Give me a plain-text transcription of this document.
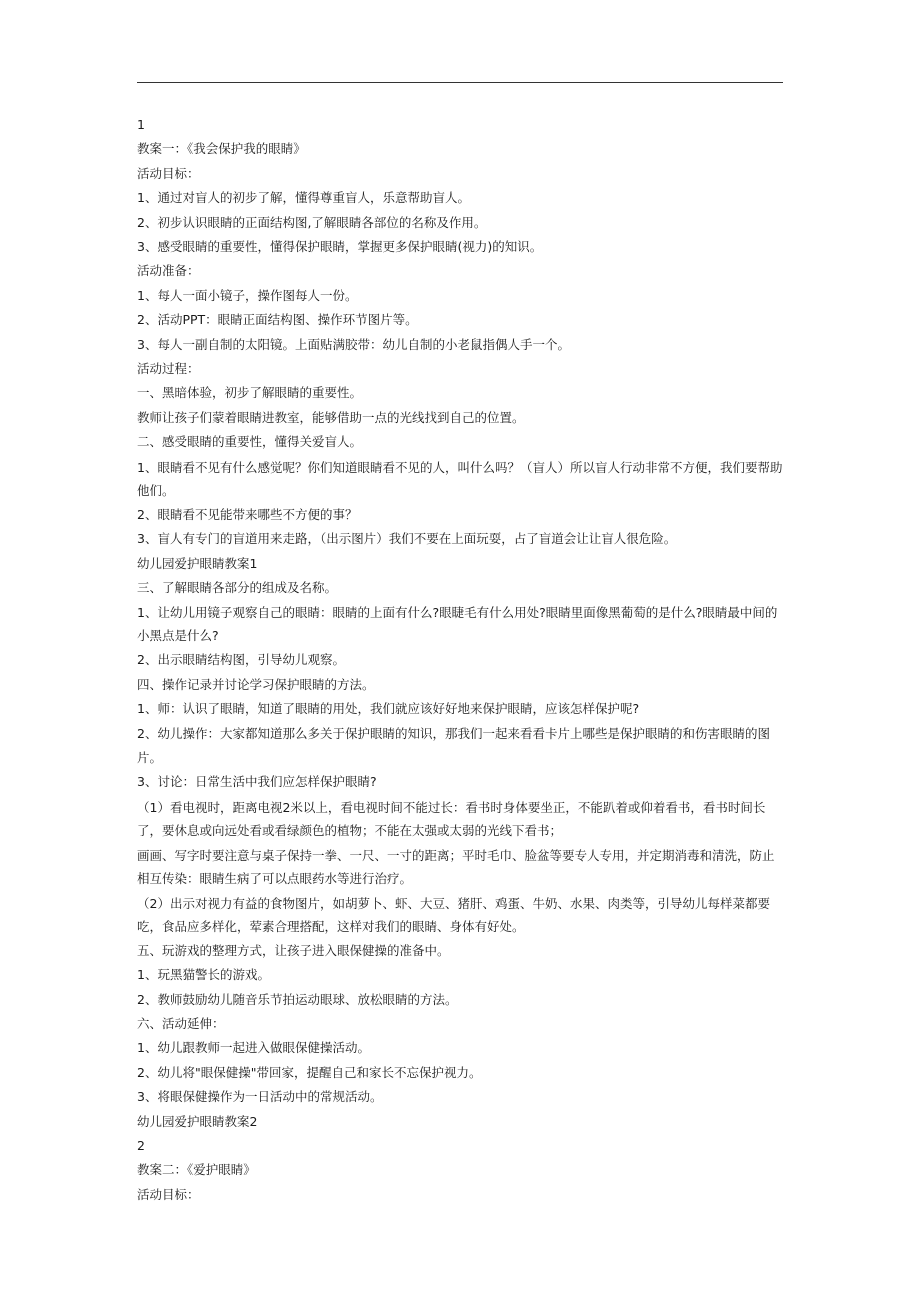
1

教案一：《我会保护我的眼睛》

活动目标：

1、通过对盲人的初步了解，懂得尊重盲人，乐意帮助盲人。

2、初步认识眼睛的正面结构图,了解眼睛各部位的名称及作用。

3、感受眼睛的重要性，懂得保护眼睛，掌握更多保护眼睛(视力)的知识。

活动准备：

1、每人一面小镜子，操作图每人一份。

2、活动PPT：眼睛正面结构图、操作环节图片等。

3、每人一副自制的太阳镜。上面贴满胶带：幼儿自制的小老鼠指偶人手一个。

活动过程：

一、黑暗体验，初步了解眼睛的重要性。

教师让孩子们蒙着眼睛进教室，能够借助一点的光线找到自己的位置。

二、感受眼睛的重要性，懂得关爱盲人。

1、眼睛看不见有什么感觉呢？你们知道眼睛看不见的人，叫什么吗？（盲人）所以盲人行动非常不方便，我们要帮助他们。

2、眼睛看不见能带来哪些不方便的事？

3、盲人有专门的盲道用来走路，（出示图片）我们不要在上面玩耍，占了盲道会让让盲人很危险。

幼儿园爱护眼睛教案1

三、了解眼睛各部分的组成及名称。

1、让幼儿用镜子观察自己的眼睛：眼睛的上面有什么?眼睫毛有什么用处?眼睛里面像黑葡萄的是什么?眼睛最中间的小黑点是什么?

2、出示眼睛结构图，引导幼儿观察。

四、操作记录并讨论学习保护眼睛的方法。

1、师：认识了眼睛，知道了眼睛的用处，我们就应该好好地来保护眼睛，应该怎样保护呢?

2、幼儿操作：大家都知道那么多关于保护眼睛的知识，那我们一起来看看卡片上哪些是保护眼睛的和伤害眼睛的图片。

3、讨论：日常生活中我们应怎样保护眼睛?

（1）看电视时，距离电视2米以上，看电视时间不能过长：看书时身体要坐正，不能趴着或仰着看书，看书时间长了，要休息或向远处看或看绿颜色的植物；不能在太强或太弱的光线下看书；

画画、写字时要注意与桌子保持一拳、一尺、一寸的距离；平时毛巾、脸盆等要专人专用，并定期消毒和清洗，防止相互传染：眼睛生病了可以点眼药水等进行治疗。

（2）出示对视力有益的食物图片，如胡萝卜、虾、大豆、猪肝、鸡蛋、牛奶、水果、肉类等，引导幼儿每样菜都要吃，食品应多样化，荤素合理搭配，这样对我们的眼睛、身体有好处。

五、玩游戏的整理方式，让孩子进入眼保健操的准备中。

1、玩黑猫警长的游戏。

2、教师鼓励幼儿随音乐节拍运动眼球、放松眼睛的方法。

六、活动延伸：

1、幼儿跟教师一起进入做眼保健操活动。

2、幼儿将"眼保健操"带回家，提醒自己和家长不忘保护视力。

3、将眼保健操作为一日活动中的常规活动。

幼儿园爱护眼睛教案2

2

教案二：《爱护眼睛》

活动目标：
